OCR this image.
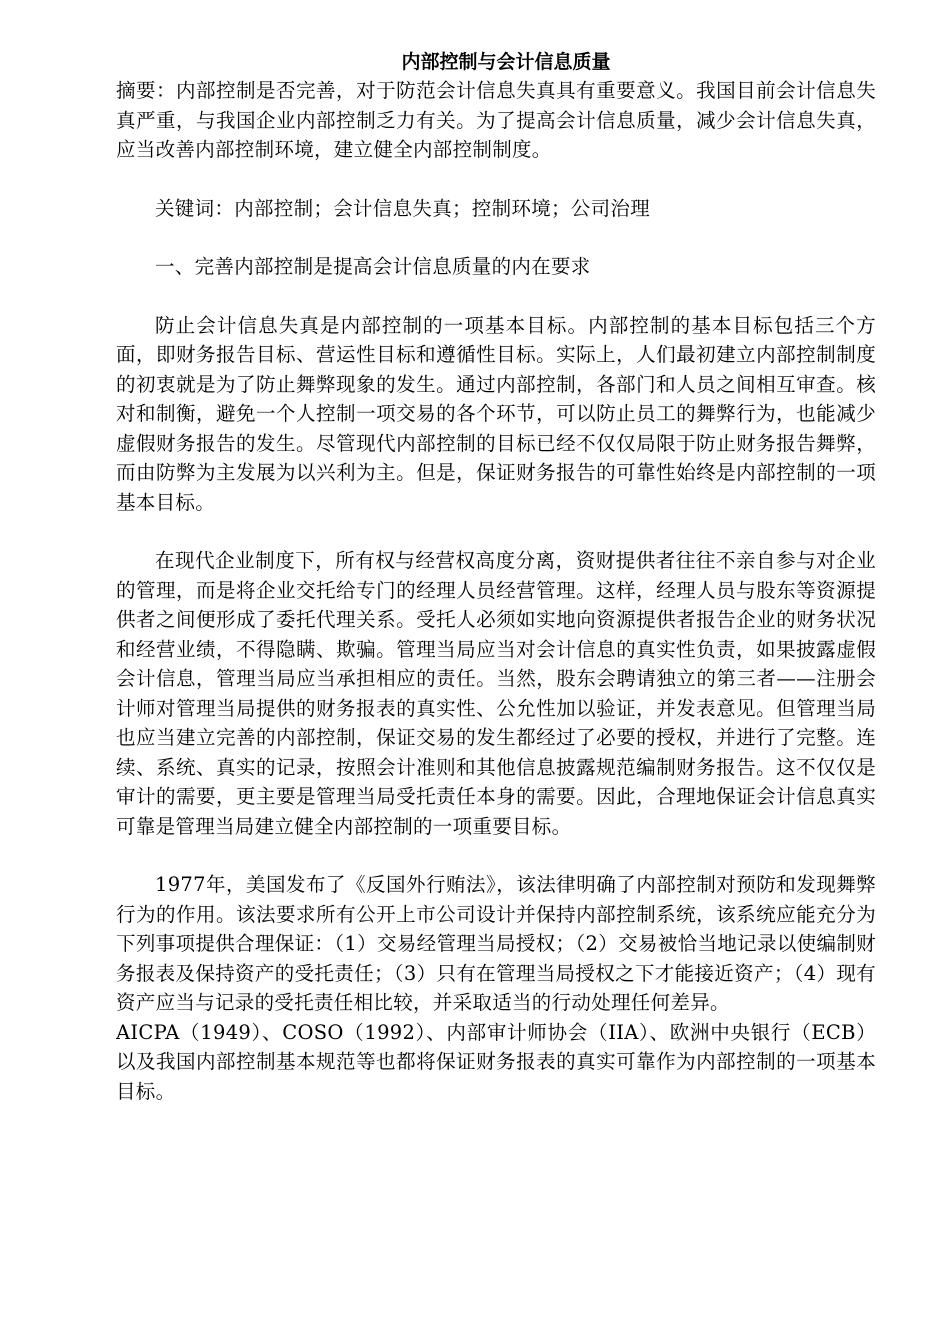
内部控制与会计信息质量

摘要：内部控制是否完善，对于防范会计信息失真具有重要意义。我国目前会计信息失真严重，与我国企业内部控制乏力有关。为了提高会计信息质量，减少会计信息失真，应当改善内部控制环境，建立健全内部控制制度。

关键词：内部控制；会计信息失真；控制环境；公司治理

一、完善内部控制是提高会计信息质量的内在要求

防止会计信息失真是内部控制的一项基本目标。内部控制的基本目标包括三个方面，即财务报告目标、营运性目标和遵循性目标。实际上，人们最初建立内部控制制度的初衷就是为了防止舞弊现象的发生。通过内部控制，各部门和人员之间相互审查。核对和制衡，避免一个人控制一项交易的各个环节，可以防止员工的舞弊行为，也能减少虚假财务报告的发生。尽管现代内部控制的目标已经不仅仅局限于防止财务报告舞弊，而由防弊为主发展为以兴利为主。但是，保证财务报告的可靠性始终是内部控制的一项基本目标。

在现代企业制度下，所有权与经营权高度分离，资财提供者往往不亲自参与对企业的管理，而是将企业交托给专门的经理人员经营管理。这样，经理人员与股东等资源提供者之间便形成了委托代理关系。受托人必须如实地向资源提供者报告企业的财务状况和经营业绩，不得隐瞒、欺骗。管理当局应当对会计信息的真实性负责，如果披露虚假会计信息，管理当局应当承担相应的责任。当然，股东会聘请独立的第三者——注册会计师对管理当局提供的财务报表的真实性、公允性加以验证，并发表意见。但管理当局也应当建立完善的内部控制，保证交易的发生都经过了必要的授权，并进行了完整。连续、系统、真实的记录，按照会计准则和其他信息披露规范编制财务报告。这不仅仅是审计的需要，更主要是管理当局受托责任本身的需要。因此，合理地保证会计信息真实可靠是管理当局建立健全内部控制的一项重要目标。

1977年，美国发布了《反国外行贿法》，该法律明确了内部控制对预防和发现舞弊行为的作用。该法要求所有公开上市公司设计并保持内部控制系统，该系统应能充分为下列事项提供合理保证：（1）交易经管理当局授权；（2）交易被恰当地记录以使编制财务报表及保持资产的受托责任；（3）只有在管理当局授权之下才能接近资产；（4）现有资产应当与记录的受托责任相比较，并采取适当的行动处理任何差异。

AICPA（1949）、COSO（1992）、内部审计师协会（IIA）、欧洲中央银行（ECB）以及我国内部控制基本规范等也都将保证财务报表的真实可靠作为内部控制的一项基本目标。
